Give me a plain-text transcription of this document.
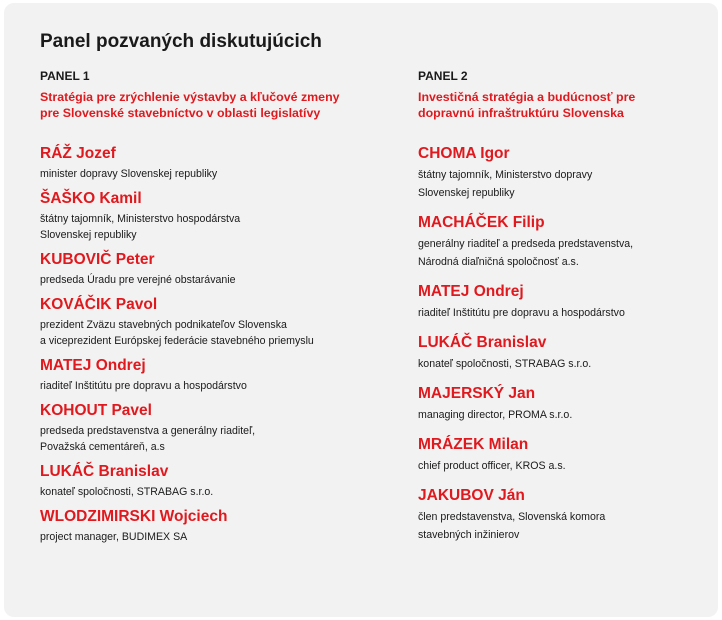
Panel pozvaných diskutujúcich
PANEL 1
Stratégia pre zrýchlenie výstavby a kľučové zmeny pre Slovenské stavebníctvo v oblasti legislatívy
RÁŽ Jozef
minister dopravy Slovenskej republiky
ŠAŠKO Kamil
štátny tajomník, Ministerstvo hospodárstva
Slovenskej republiky
KUBOVIČ Peter
predseda Úradu pre verejné obstarávanie
KOVÁČIK Pavol
prezident Zväzu stavebných podnikateľov Slovenska
a viceprezident Európskej federácie stavebného priemyslu
MATEJ Ondrej
riaditeľ Inštitútu pre dopravu a hospodárstvo
KOHOUT Pavel
predseda predstavenstva a generálny riaditeľ,
Považská cementáreň, a.s
LUKÁČ Branislav
konateľ spoločnosti, STRABAG s.r.o.
WLODZIMIRSKI Wojciech
project manager, BUDIMEX SA
PANEL 2
Investičná stratégia a budúcnosť pre dopravnú infraštruktúru Slovenska
CHOMA Igor
štátny tajomník, Ministerstvo dopravy
Slovenskej republiky
MACHÁČEK Filip
generálny riaditeľ a predseda predstavenstva,
Národná diaľničná spoločnosť a.s.
MATEJ Ondrej
riaditeľ Inštitútu pre dopravu a hospodárstvo
LUKÁČ Branislav
konateľ spoločnosti, STRABAG s.r.o.
MAJERSKÝ Jan
managing director, PROMA s.r.o.
MRÁZEK Milan
chief product officer, KROS a.s.
JAKUBOV Ján
člen predstavenstva, Slovenská komora
stavebných inžinierov
